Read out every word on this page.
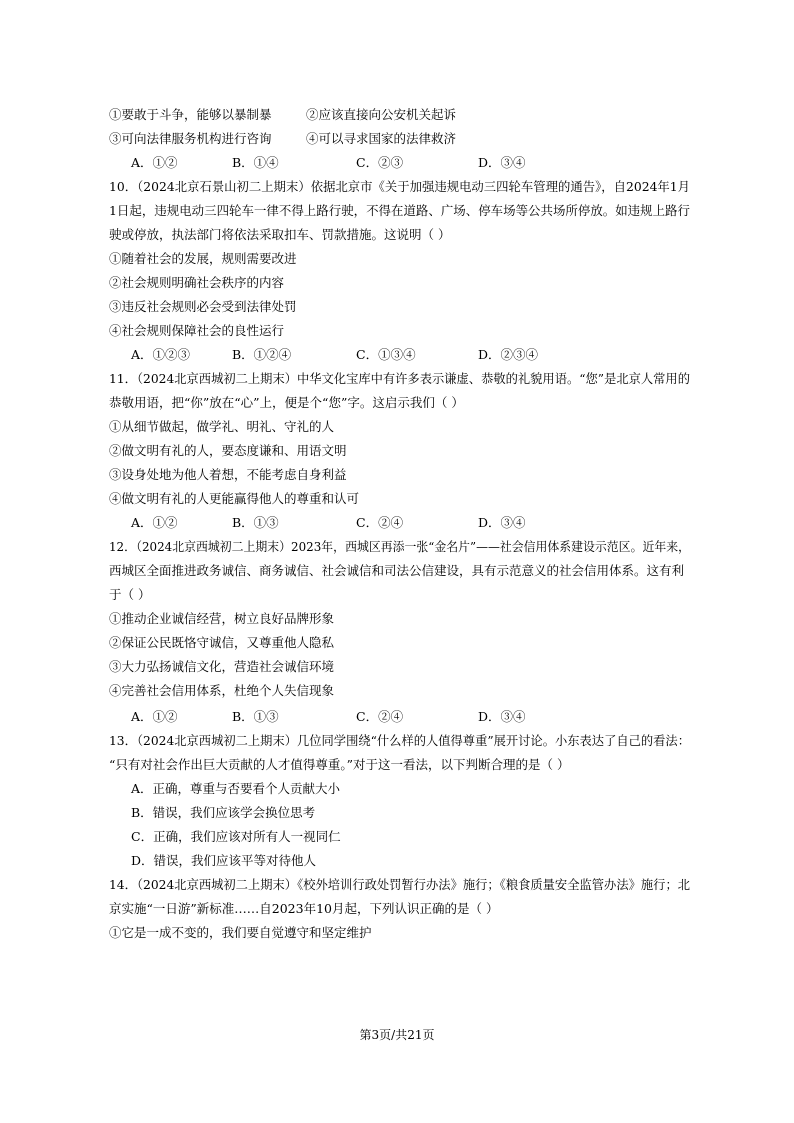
①要敢于斗争，能够以暴制暴	②应该直接向公安机关起诉
③可向法律服务机构进行咨询	④可以寻求国家的法律救济
A．①②	B．①④	C．②③	D．③④
10．（2024北京石景山初二上期末）依据北京市《关于加强违规电动三四轮车管理的通告》，自2024年1月
1日起，违规电动三四轮车一律不得上路行驶，不得在道路、广场、停车场等公共场所停放。如违规上路行
驶或停放，执法部门将依法采取扣车、罚款措施。这说明（ ）
①随着社会的发展，规则需要改进
②社会规则明确社会秩序的内容
③违反社会规则必会受到法律处罚
④社会规则保障社会的良性运行
A．①②③	B．①②④	C．①③④	D．②③④
11．（2024北京西城初二上期末）中华文化宝库中有许多表示谦虚、恭敬的礼貌用语。“您”是北京人常用的
恭敬用语，把“你”放在“心”上，便是个“您”字。这启示我们（ ）
①从细节做起，做学礼、明礼、守礼的人
②做文明有礼的人，要态度谦和、用语文明
③设身处地为他人着想，不能考虑自身利益
④做文明有礼的人更能赢得他人的尊重和认可
A．①②	B．①③	C．②④	D．③④
12．（2024北京西城初二上期末）2023年，西城区再添一张“金名片”——社会信用体系建设示范区。近年来，
西城区全面推进政务诚信、商务诚信、社会诚信和司法公信建设，具有示范意义的社会信用体系。这有利
于（ ）
①推动企业诚信经营，树立良好品牌形象
②保证公民既恪守诚信，又尊重他人隐私
③大力弘扬诚信文化，营造社会诚信环境
④完善社会信用体系，杜绝个人失信现象
A．①②	B．①③	C．②④	D．③④
13．（2024北京西城初二上期末）几位同学围绕“什么样的人值得尊重”展开讨论。小东表达了自己的看法：
“只有对社会作出巨大贡献的人才值得尊重。”对于这一看法，以下判断合理的是（ ）
A．正确，尊重与否要看个人贡献大小
B．错误，我们应该学会换位思考
C．正确，我们应该对所有人一视同仁
D．错误，我们应该平等对待他人
14．（2024北京西城初二上期末）《校外培训行政处罚暂行办法》施行；《粮食质量安全监管办法》施行；北
京实施“一日游”新标准……自2023年10月起，下列认识正确的是（ ）
①它是一成不变的，我们要自觉遵守和坚定维护
第3页/共21页
